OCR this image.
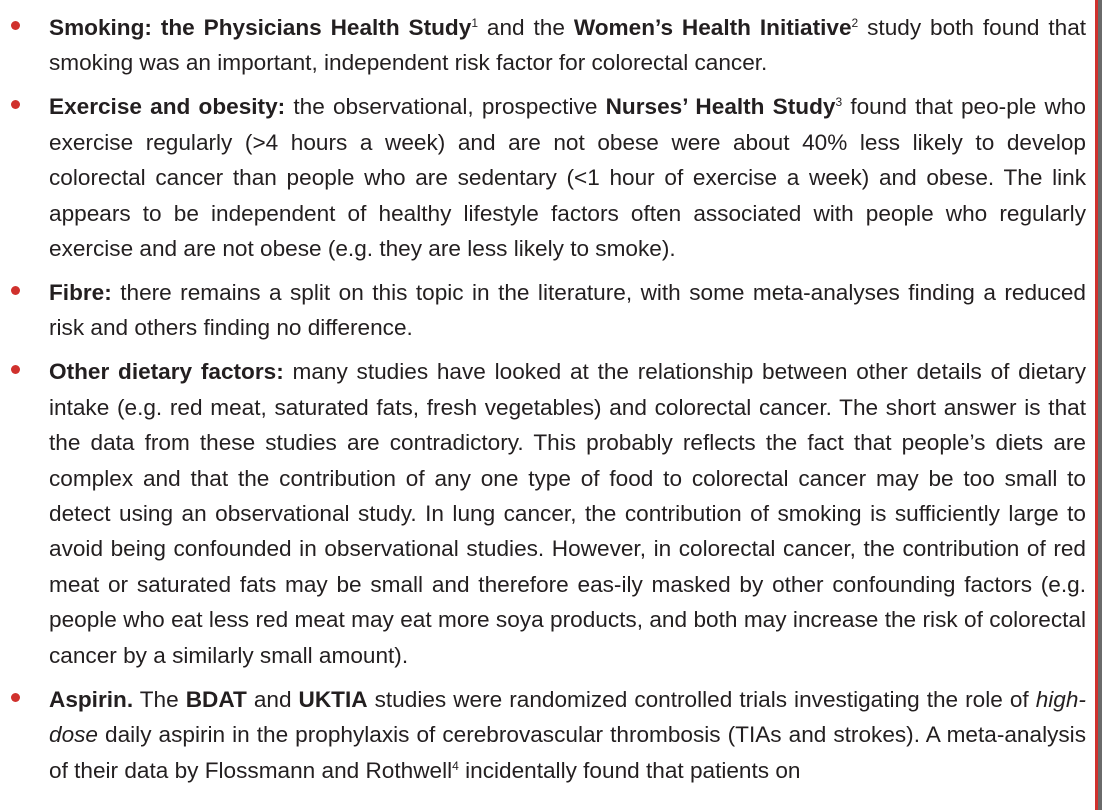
Smoking: the Physicians Health Study$^1$ and the Women’s Health Initiative$^2$ study both found that smoking was an important, independent risk factor for colorectal cancer.
Exercise and obesity: the observational, prospective Nurses’ Health Study$^3$ found that peo-ple who exercise regularly (>4 hours a week) and are not obese were about 40% less likely to develop colorectal cancer than people who are sedentary (<1 hour of exercise a week) and obese. The link appears to be independent of healthy lifestyle factors often associated with people who regularly exercise and are not obese (e.g. they are less likely to smoke).
Fibre: there remains a split on this topic in the literature, with some meta-analyses finding a reduced risk and others finding no difference.
Other dietary factors: many studies have looked at the relationship between other details of dietary intake (e.g. red meat, saturated fats, fresh vegetables) and colorectal cancer. The short answer is that the data from these studies are contradictory. This probably reflects the fact that people’s diets are complex and that the contribution of any one type of food to colorectal cancer may be too small to detect using an observational study. In lung cancer, the contribution of smoking is sufficiently large to avoid being confounded in observational studies. However, in colorectal cancer, the contribution of red meat or saturated fats may be small and therefore eas-ily masked by other confounding factors (e.g. people who eat less red meat may eat more soya products, and both may increase the risk of colorectal cancer by a similarly small amount).
Aspirin. The BDAT and UKTIA studies were randomized controlled trials investigating the role of high-dose daily aspirin in the prophylaxis of cerebrovascular thrombosis (TIAs and strokes). A meta-analysis of their data by Flossmann and Rothwell$^4$ incidentally found that patients on
